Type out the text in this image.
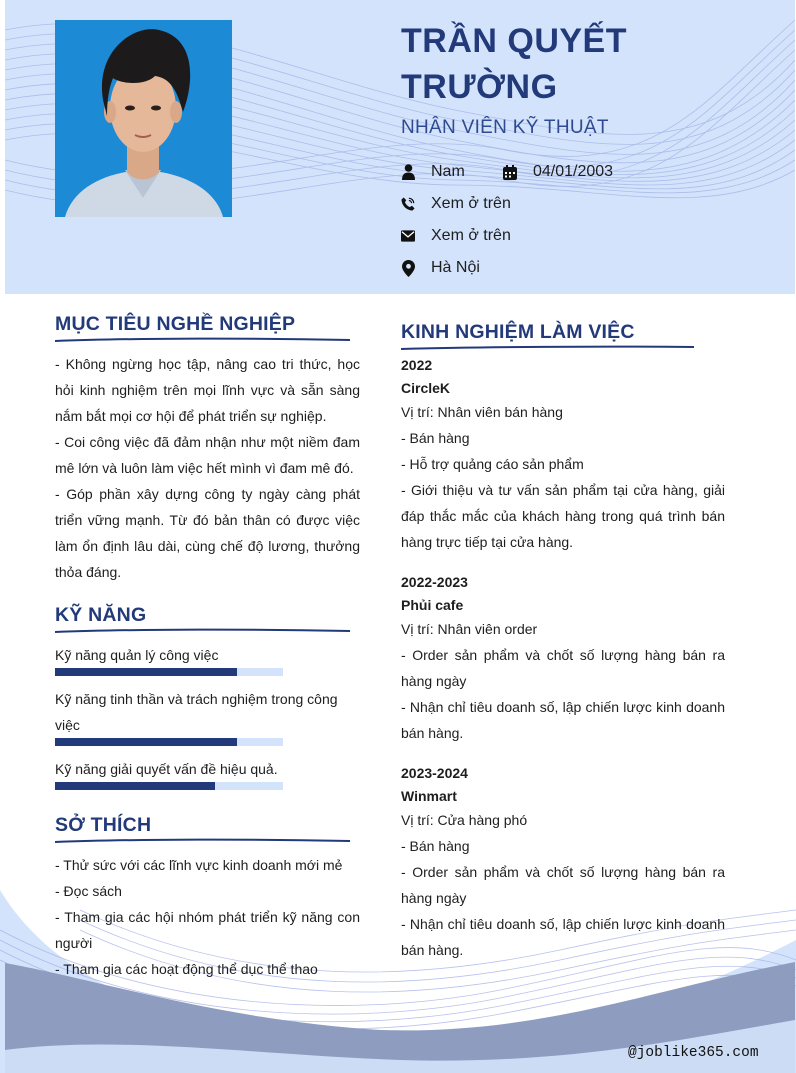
TRẦN QUYẾT
TRƯỜNG
NHÂN VIÊN KỸ THUẬT
Nam	04/01/2003
Xem ở trên
Xem ở trên
Hà Nội
MỤC TIÊU NGHỀ NGHIỆP

- Không ngừng học tập, nâng cao tri thức, học hỏi kinh nghiệm trên mọi lĩnh vực và sẵn sàng nắm bắt mọi cơ hội để phát triển sự nghiệp.

- Coi công việc đã đảm nhận như một niềm đam mê lớn và luôn làm việc hết mình vì đam mê đó.

- Góp phần xây dựng công ty ngày càng phát triển vững mạnh. Từ đó bản thân có được việc làm ổn định lâu dài, cùng chế độ lương, thưởng thỏa đáng.

KỸ NĂNG
Kỹ năng quản lý công việc
Kỹ năng tinh thần và trách nghiệm trong công việc
Kỹ năng giải quyết vấn đề hiệu quả.
SỞ THÍCH

- Thử sức với các lĩnh vực kinh doanh mới mẻ

- Đọc sách

- Tham gia các hội nhóm phát triển kỹ năng con người

- Tham gia các hoạt động thể dục thể thao

KINH NGHIỆM LÀM VIỆC
2022
CircleK
Vị trí: Nhân viên bán hàng
- Bán hàng
- Hỗ trợ quảng cáo sản phẩm
- Giới thiệu và tư vấn sản phẩm tại cửa hàng, giải đáp thắc mắc của khách hàng trong quá trình bán hàng trực tiếp tại cửa hàng.
2022-2023
Phủi cafe
Vị trí: Nhân viên order
- Order sản phẩm và chốt số lượng hàng bán ra hàng ngày
- Nhận chỉ tiêu doanh số, lập chiến lược kinh doanh bán hàng.
2023-2024
Winmart
Vị trí: Cửa hàng phó
- Bán hàng
- Order sản phẩm và chốt số lượng hàng bán ra hàng ngày
- Nhận chỉ tiêu doanh số, lập chiến lược kinh doanh bán hàng.
@joblike365.com
